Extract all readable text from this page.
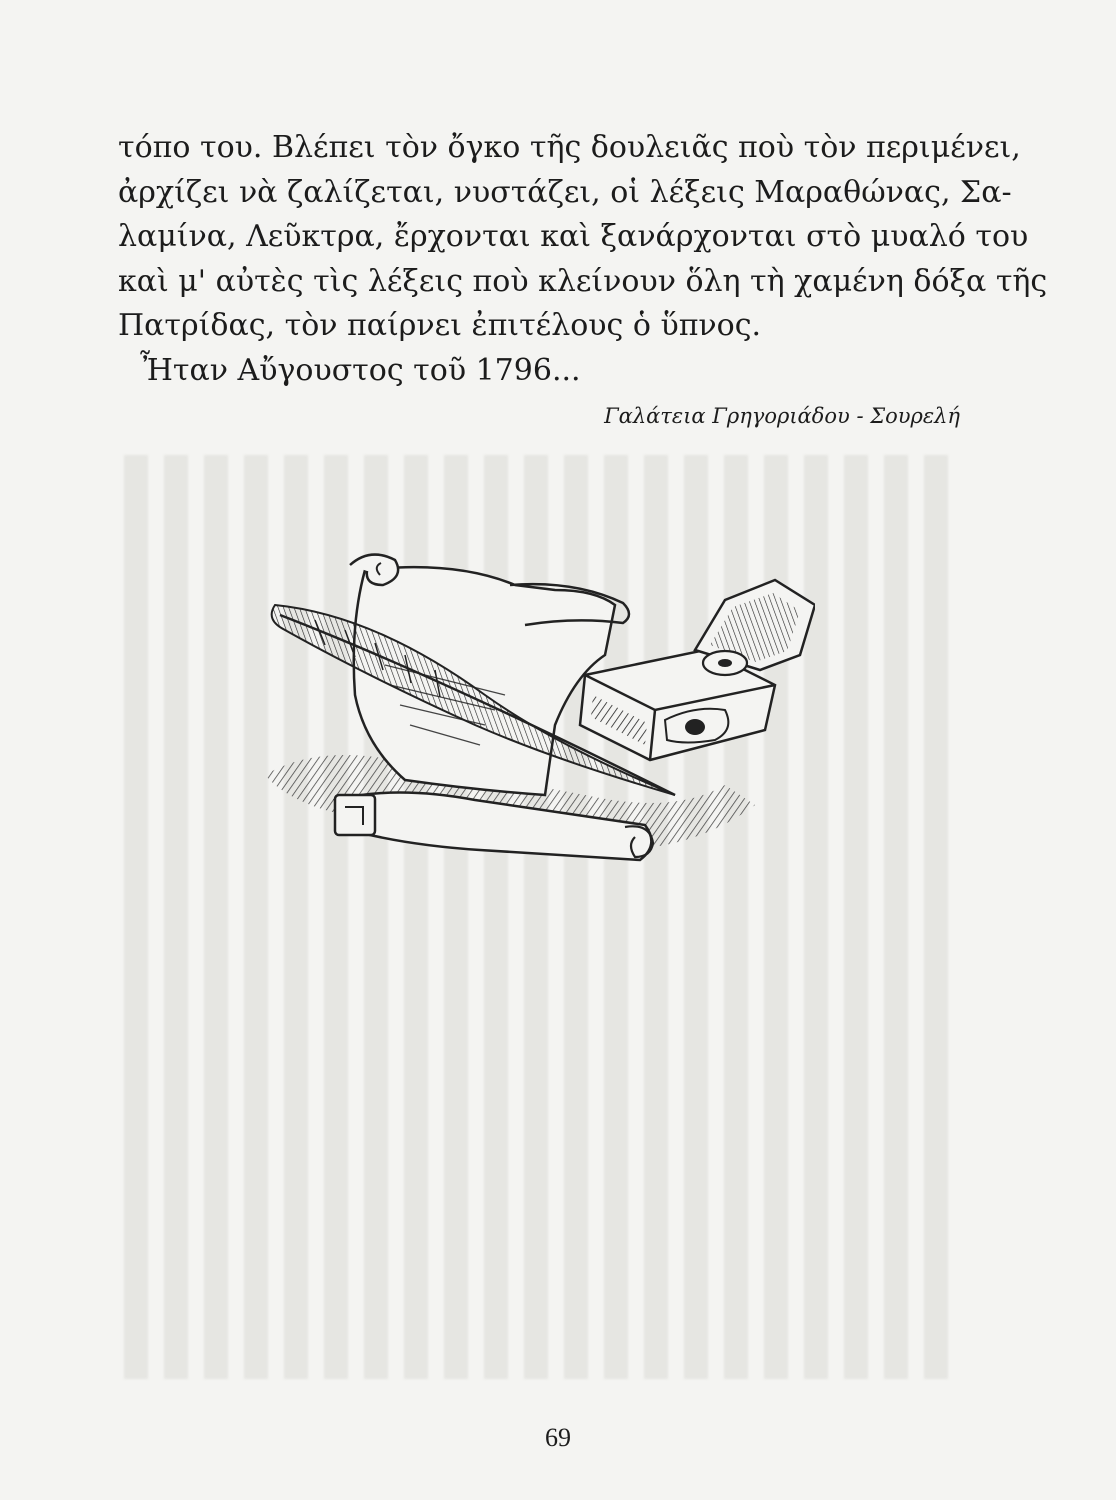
τόπο του. Βλέπει τὸν ὄγκο τῆς δουλειᾶς ποὺ τὸν περιμένει,
ἀρχίζει νὰ ζαλίζεται, νυστάζει, οἱ λέξεις Μαραθώνας, Σα-
λαμίνα, Λεῦκτρα, ἔρχονται καὶ ξανάρχονται στὸ μυαλό του
καὶ μ' αὐτὲς τὶς λέξεις ποὺ κλείνουν ὅλη τὴ χαμένη δόξα τῆς
Πατρίδας, τὸν παίρνει ἐπιτέλους ὁ ὕπνος.
Ἦταν Αὔγουστος τοῦ 1796...
Γαλάτεια Γρηγοριάδου - Σουρελή
69
